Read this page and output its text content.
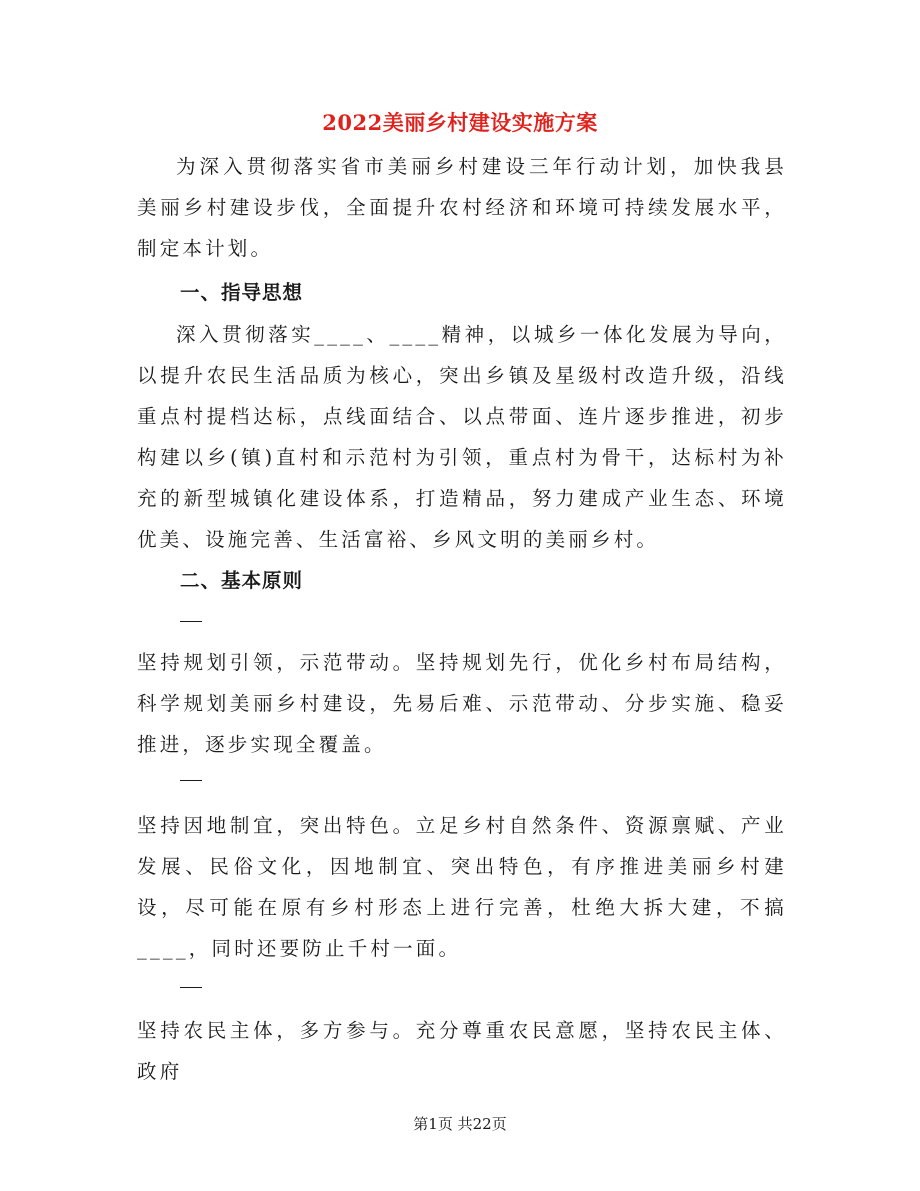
2022美丽乡村建设实施方案
为深入贯彻落实省市美丽乡村建设三年行动计划，加快我县美丽乡村建设步伐，全面提升农村经济和环境可持续发展水平，制定本计划。
一、指导思想
深入贯彻落实____、____精神，以城乡一体化发展为导向，以提升农民生活品质为核心，突出乡镇及星级村改造升级，沿线重点村提档达标，点线面结合、以点带面、连片逐步推进，初步构建以乡(镇)直村和示范村为引领，重点村为骨干，达标村为补充的新型城镇化建设体系，打造精品，努力建成产业生态、环境优美、设施完善、生活富裕、乡风文明的美丽乡村。
二、基本原则
坚持规划引领，示范带动。坚持规划先行，优化乡村布局结构，科学规划美丽乡村建设，先易后难、示范带动、分步实施、稳妥推进，逐步实现全覆盖。
坚持因地制宜，突出特色。立足乡村自然条件、资源禀赋、产业发展、民俗文化，因地制宜、突出特色，有序推进美丽乡村建设，尽可能在原有乡村形态上进行完善，杜绝大拆大建，不搞____，同时还要防止千村一面。
坚持农民主体，多方参与。充分尊重农民意愿，坚持农民主体、政府
第1页 共22页
